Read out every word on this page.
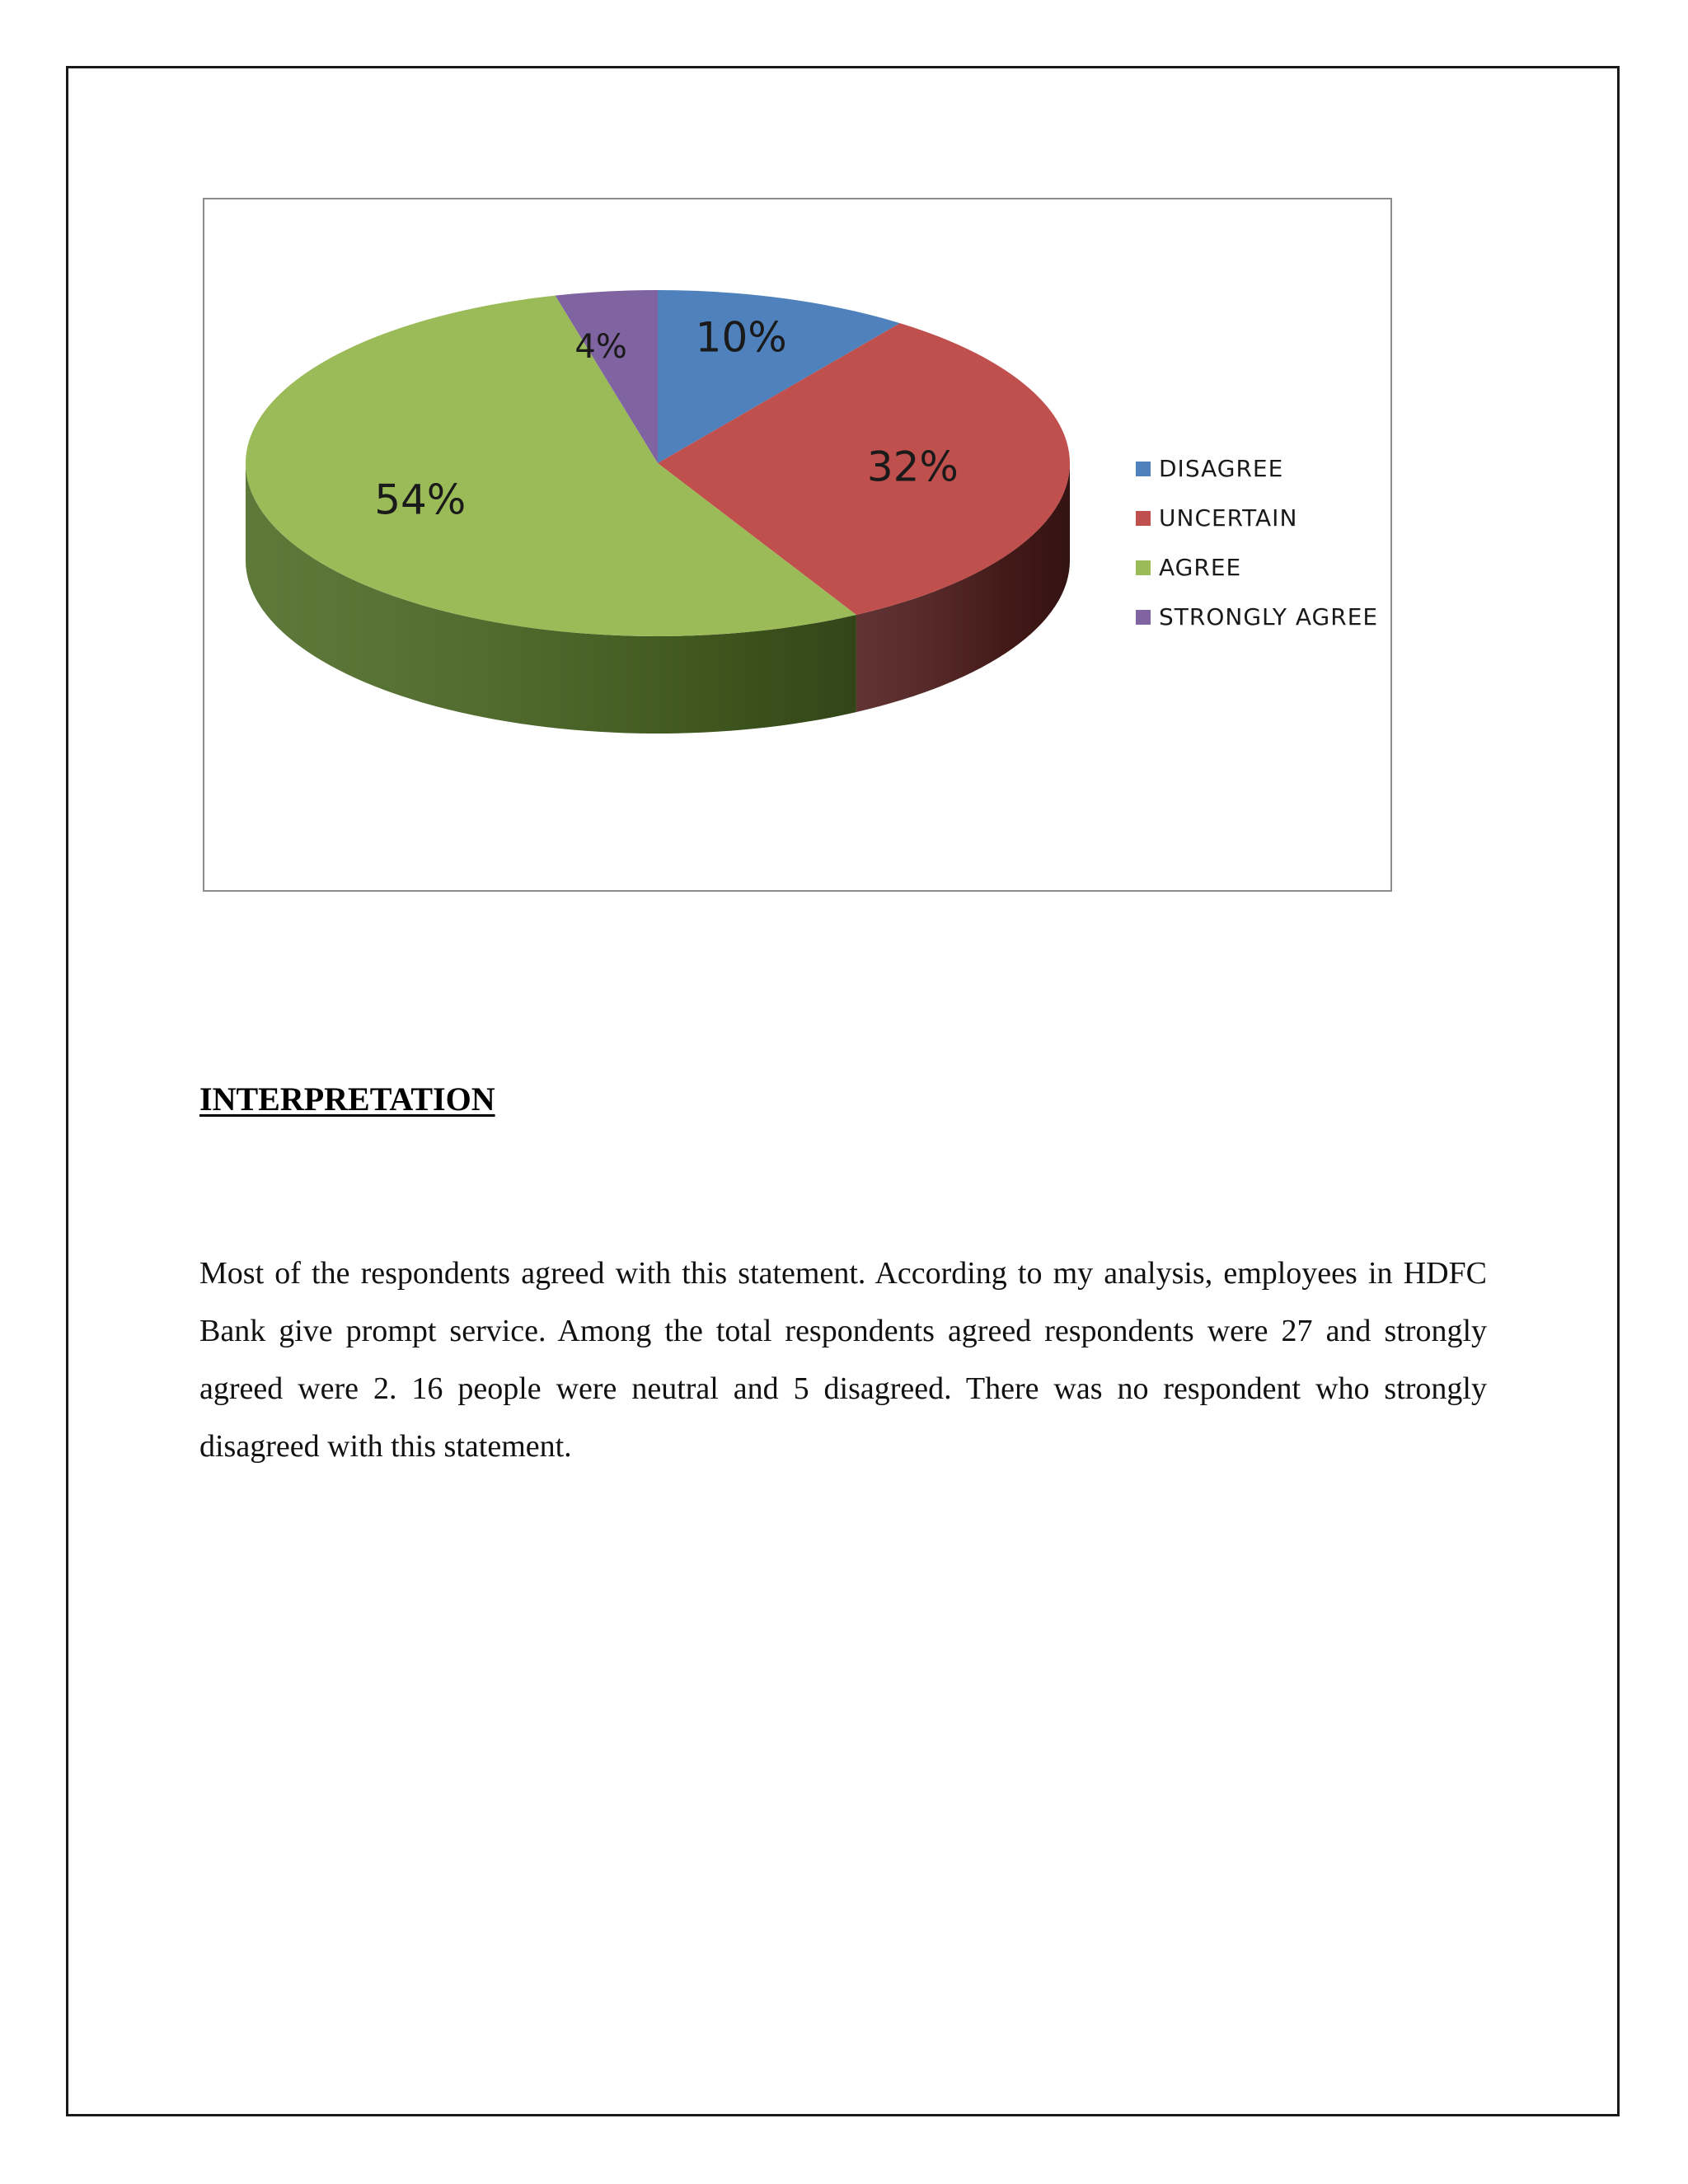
10%
32%
54%
4%
DISAGREE
UNCERTAIN
AGREE
STRONGLY AGREE
INTERPRETATION

Most of the respondents agreed with this statement. According to my analysis, employees in HDFC Bank give prompt service. Among the total respondents agreed respondents were 27 and strongly agreed were 2. 16 people were neutral and 5 disagreed. There was no respondent who strongly disagreed with this statement.
